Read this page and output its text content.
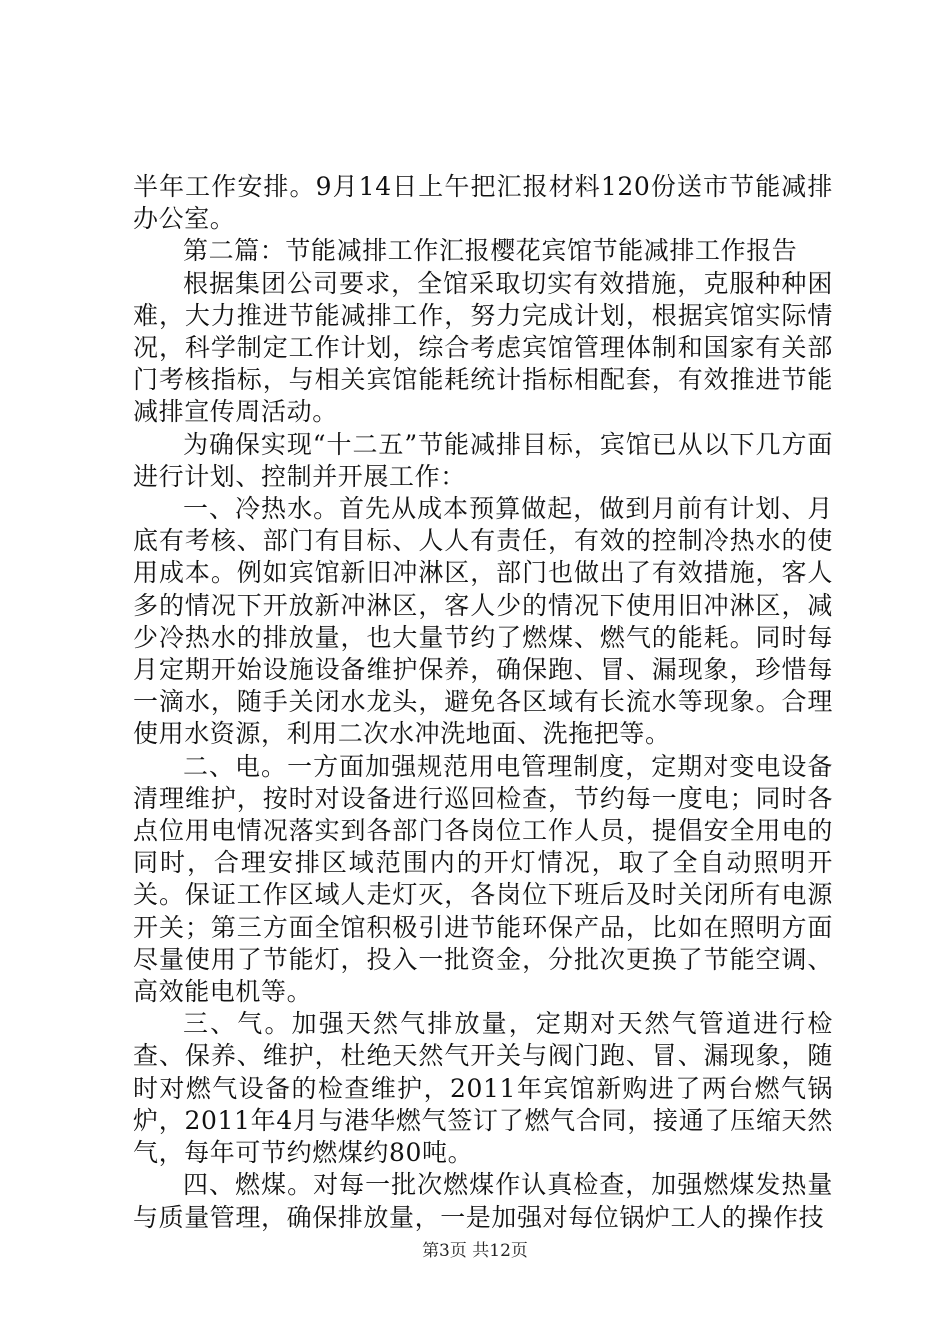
半年工作安排。9月14日上午把汇报材料120份送市节能减排办公室。

第二篇：节能减排工作汇报樱花宾馆节能减排工作报告

根据集团公司要求，全馆采取切实有效措施，克服种种困难，大力推进节能减排工作，努力完成计划，根据宾馆实际情况，科学制定工作计划，综合考虑宾馆管理体制和国家有关部门考核指标，与相关宾馆能耗统计指标相配套，有效推进节能减排宣传周活动。

为确保实现“十二五”节能减排目标，宾馆已从以下几方面进行计划、控制并开展工作：

一、冷热水。首先从成本预算做起，做到月前有计划、月底有考核、部门有目标、人人有责任，有效的控制冷热水的使用成本。例如宾馆新旧冲淋区，部门也做出了有效措施，客人多的情况下开放新冲淋区，客人少的情况下使用旧冲淋区，减少冷热水的排放量，也大量节约了燃煤、燃气的能耗。同时每月定期开始设施设备维护保养，确保跑、冒、漏现象，珍惜每一滴水，随手关闭水龙头，避免各区域有长流水等现象。合理使用水资源，利用二次水冲洗地面、洗拖把等。

二、电。一方面加强规范用电管理制度，定期对变电设备清理维护，按时对设备进行巡回检查，节约每一度电；同时各点位用电情况落实到各部门各岗位工作人员，提倡安全用电的同时，合理安排区域范围内的开灯情况，取了全自动照明开关。保证工作区域人走灯灭，各岗位下班后及时关闭所有电源开关；第三方面全馆积极引进节能环保产品，比如在照明方面尽量使用了节能灯，投入一批资金，分批次更换了节能空调、高效能电机等。

三、气。加强天然气排放量，定期对天然气管道进行检查、保养、维护，杜绝天然气开关与阀门跑、冒、漏现象，随时对燃气设备的检查维护，2011年宾馆新购进了两台燃气锅炉，2011年4月与港华燃气签订了燃气合同，接通了压缩天然气，每年可节约燃煤约80吨。

四、燃煤。对每一批次燃煤作认真检查，加强燃煤发热量与质量管理，确保排放量，一是加强对每位锅炉工人的操作技

第3页 共12页
